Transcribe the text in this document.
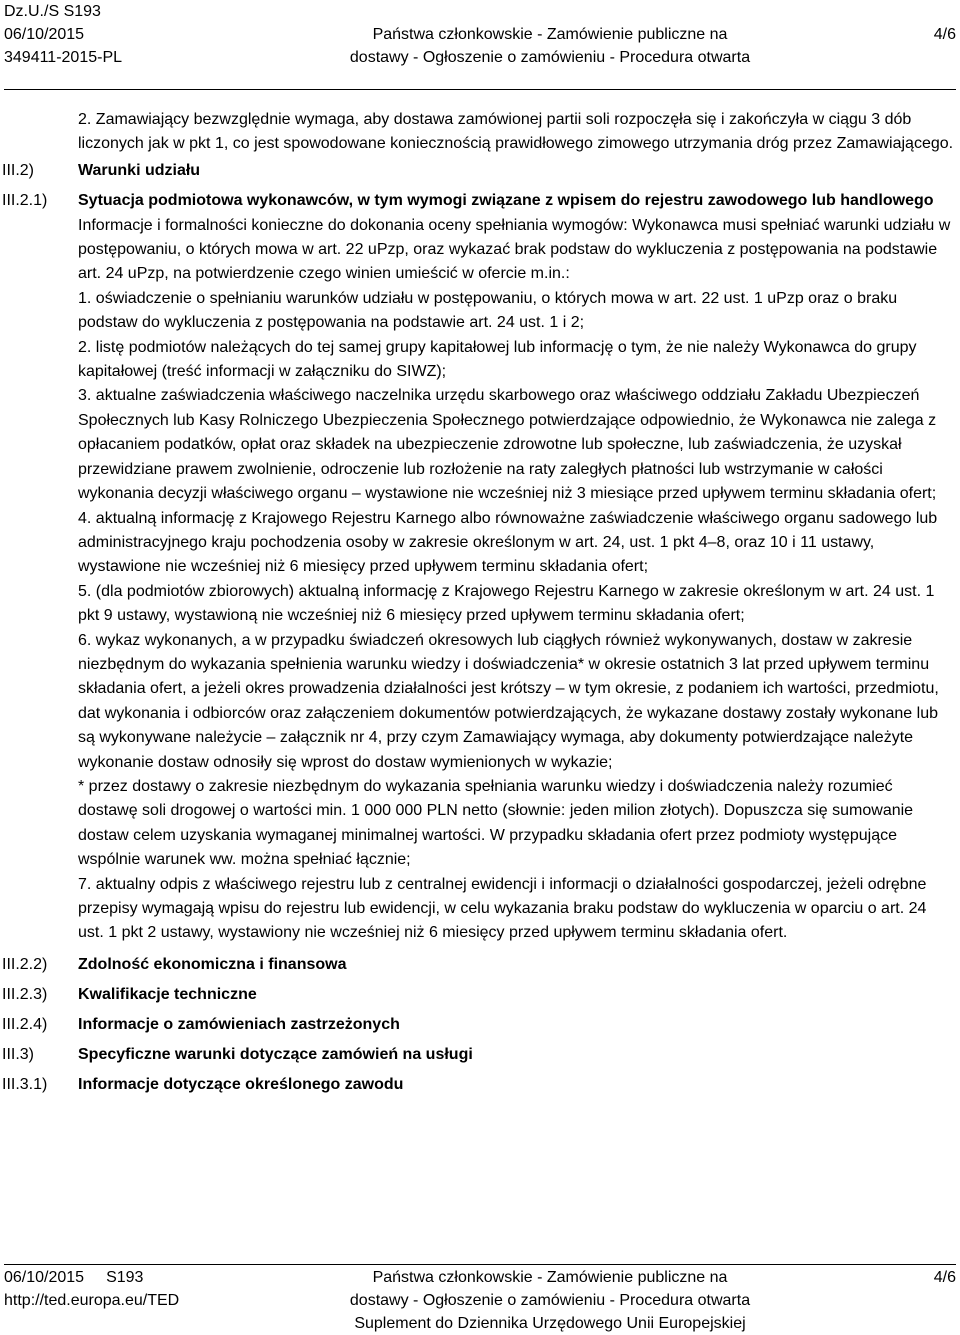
Dz.U./S S193
06/10/2015
349411-2015-PL
Państwa członkowskie - Zamówienie publiczne na
dostawy - Ogłoszenie o zamówieniu - Procedura otwarta
4/6
2. Zamawiający bezwzględnie wymaga, aby dostawa zamówionej partii soli rozpoczęła się i zakończyła w ciągu 3 dób liczonych jak w pkt 1, co jest spowodowane koniecznością prawidłowego zimowego utrzymania dróg przez Zamawiającego.
III.2)	Warunki udziału
III.2.1)	Sytuacja podmiotowa wykonawców, w tym wymogi związane z wpisem do rejestru zawodowego lub handlowego

Informacje i formalności konieczne do dokonania oceny spełniania wymogów: Wykonawca musi spełniać warunki udziału w postępowaniu, o których mowa w art. 22 uPzp, oraz wykazać brak podstaw do wykluczenia z postępowania na podstawie art. 24 uPzp, na potwierdzenie czego winien umieścić w ofercie m.in.:

1. oświadczenie o spełnianiu warunków udziału w postępowaniu, o których mowa w art. 22 ust. 1 uPzp oraz o braku podstaw do wykluczenia z postępowania na podstawie art. 24 ust. 1 i 2;

2. listę podmiotów należących do tej samej grupy kapitałowej lub informację o tym, że nie należy Wykonawca do grupy kapitałowej (treść informacji w załączniku do SIWZ);

3. aktualne zaświadczenia właściwego naczelnika urzędu skarbowego oraz właściwego oddziału Zakładu Ubezpieczeń Społecznych lub Kasy Rolniczego Ubezpieczenia Społecznego potwierdzające odpowiednio, że Wykonawca nie zalega z opłacaniem podatków, opłat oraz składek na ubezpieczenie zdrowotne lub społeczne, lub zaświadczenia, że uzyskał przewidziane prawem zwolnienie, odroczenie lub rozłożenie na raty zaległych płatności lub wstrzymanie w całości wykonania decyzji właściwego organu – wystawione nie wcześniej niż 3 miesiące przed upływem terminu składania ofert;

4. aktualną informację z Krajowego Rejestru Karnego albo równoważne zaświadczenie właściwego organu sadowego lub administracyjnego kraju pochodzenia osoby w zakresie określonym w art. 24, ust. 1 pkt 4–8, oraz 10 i 11 ustawy, wystawione nie wcześniej niż 6 miesięcy przed upływem terminu składania ofert;

5. (dla podmiotów zbiorowych) aktualną informację z Krajowego Rejestru Karnego w zakresie określonym w art. 24 ust. 1 pkt 9 ustawy, wystawioną nie wcześniej niż 6 miesięcy przed upływem terminu składania ofert;

6. wykaz wykonanych, a w przypadku świadczeń okresowych lub ciągłych również wykonywanych, dostaw w zakresie niezbędnym do wykazania spełnienia warunku wiedzy i doświadczenia* w okresie ostatnich 3 lat przed upływem terminu składania ofert, a jeżeli okres prowadzenia działalności jest krótszy – w tym okresie, z podaniem ich wartości, przedmiotu, dat wykonania i odbiorców oraz załączeniem dokumentów potwierdzających, że wykazane dostawy zostały wykonane lub są wykonywane należycie – załącznik nr 4, przy czym Zamawiający wymaga, aby dokumenty potwierdzające należyte wykonanie dostaw odnosiły się wprost do dostaw wymienionych w wykazie;

* przez dostawy o zakresie niezbędnym do wykazania spełniania warunku wiedzy i doświadczenia należy rozumieć dostawę soli drogowej o wartości min. 1 000 000 PLN netto (słownie: jeden milion złotych). Dopuszcza się sumowanie dostaw celem uzyskania wymaganej minimalnej wartości. W przypadku składania ofert przez podmioty występujące wspólnie warunek ww. można spełniać łącznie;

7. aktualny odpis z właściwego rejestru lub z centralnej ewidencji i informacji o działalności gospodarczej, jeżeli odrębne przepisy wymagają wpisu do rejestru lub ewidencji, w celu wykazania braku podstaw do wykluczenia w oparciu o art. 24 ust. 1 pkt 2 ustawy, wystawiony nie wcześniej niż 6 miesięcy przed upływem terminu składania ofert.

III.2.2)	Zdolność ekonomiczna i finansowa
III.2.3)	Kwalifikacje techniczne
III.2.4)	Informacje o zamówieniach zastrzeżonych
III.3)	Specyficzne warunki dotyczące zamówień na usługi
III.3.1)	Informacje dotyczące określonego zawodu
06/10/2015 S193
http://ted.europa.eu/TED
Państwa członkowskie - Zamówienie publiczne na
dostawy - Ogłoszenie o zamówieniu - Procedura otwarta
Suplement do Dziennika Urzędowego Unii Europejskiej
4/6
